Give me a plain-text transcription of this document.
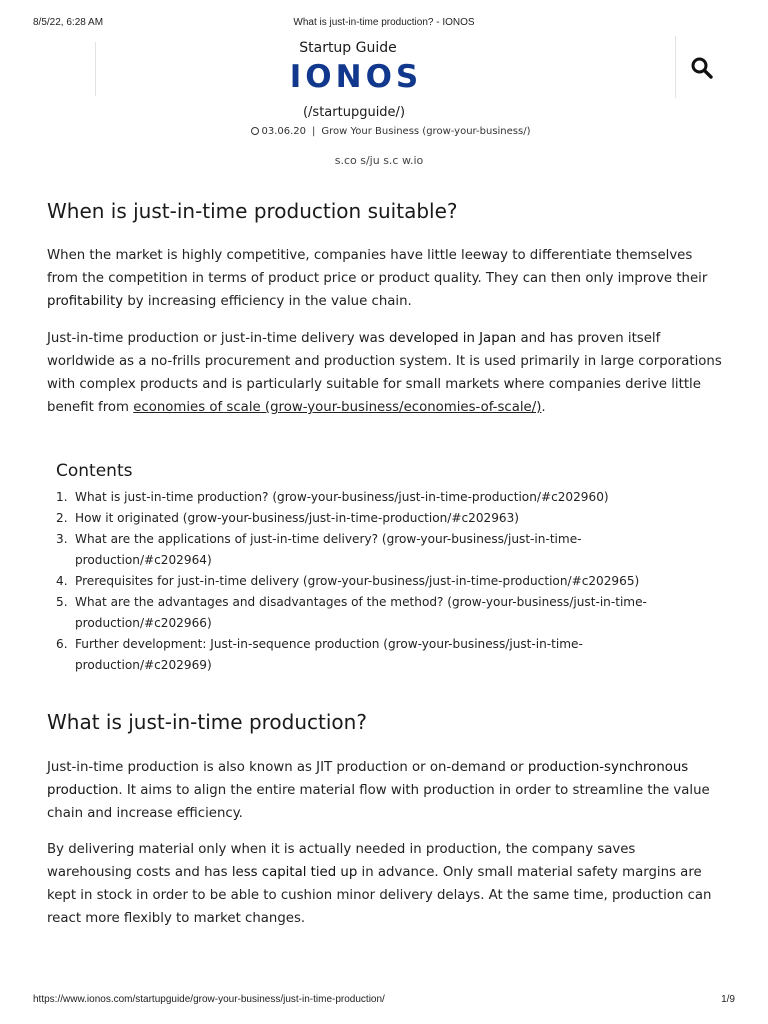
8/5/22, 6:28 AM	What is just-in-time production? - IONOS
Startup Guide
IONOS
(/startupguide/)
03.06.20 | Grow Your Business (grow-your-business/)
s.co s/ju s.c w.io
When is just-in-time production suitable?

When the market is highly competitive, companies have little leeway to differentiate themselves from the competition in terms of product price or product quality. They can then only improve their profitability by increasing efficiency in the value chain.

Just-in-time production or just-in-time delivery was developed in Japan and has proven itself worldwide as a no-frills procurement and production system. It is used primarily in large corporations with complex products and is particularly suitable for small markets where companies derive little benefit from economies of scale (grow-your-business/economies-of-scale/).

What is just-in-time production?

Just-in-time production is also known as JIT production or on-demand or production-synchronous production. It aims to align the entire material flow with production in order to streamline the value chain and increase efficiency.

By delivering material only when it is actually needed in production, the company saves warehousing costs and has less capital tied up in advance. Only small material safety margins are kept in stock in order to be able to cushion minor delivery delays. At the same time, production can react more flexibly to market changes.

Contents
1. What is just-in-time production? (grow-your-business/just-in-time-production/#c202960)
2. How it originated (grow-your-business/just-in-time-production/#c202963)
3. What are the applications of just-in-time delivery? (grow-your-business/just-in-time-production/#c202964)
4. Prerequisites for just-in-time delivery (grow-your-business/just-in-time-production/#c202965)
5. What are the advantages and disadvantages of the method? (grow-your-business/just-in-time-production/#c202966)
6. Further development: Just-in-sequence production (grow-your-business/just-in-time-production/#c202969)
https://www.ionos.com/startupguide/grow-your-business/just-in-time-production/	1/9
